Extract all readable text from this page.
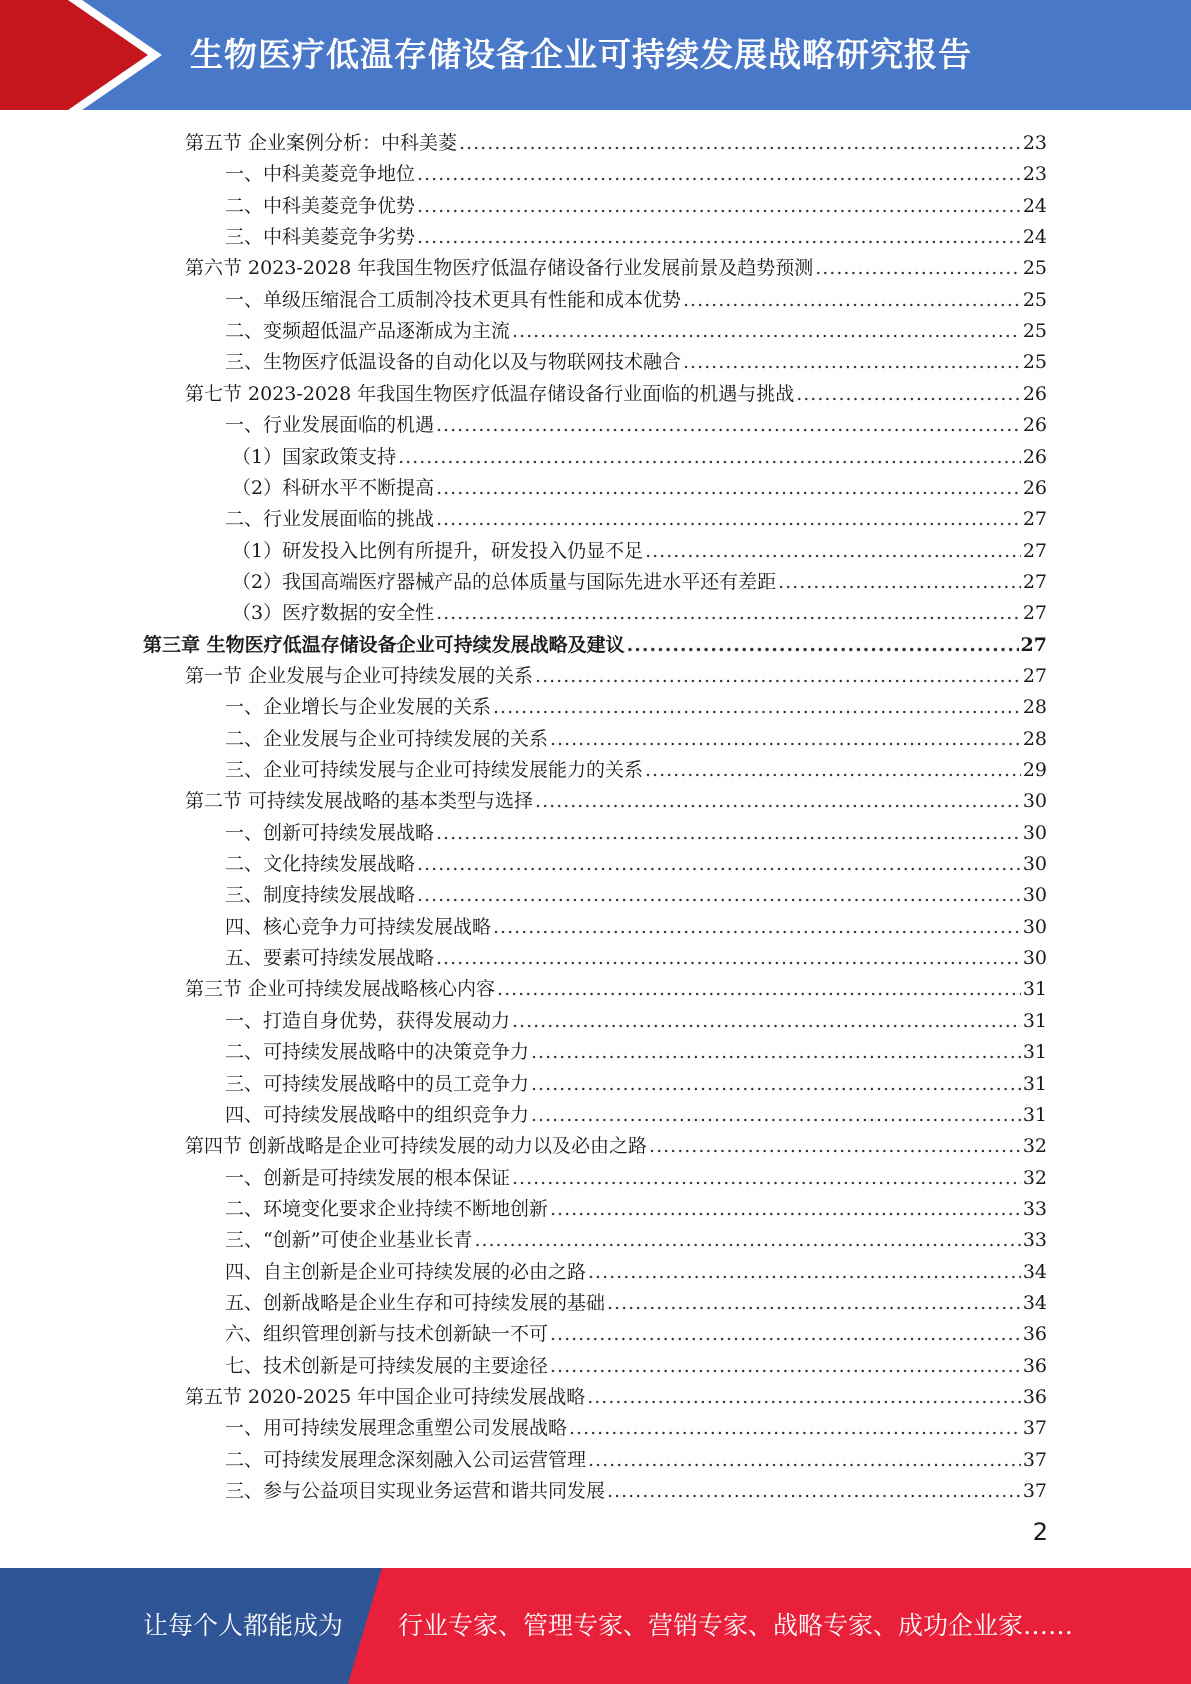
生物医疗低温存储设备企业可持续发展战略研究报告
第五节 企业案例分析：中科美菱 .....	23
一、中科美菱竞争地位 .....	23
二、中科美菱竞争优势 .....	24
三、中科美菱竞争劣势 .....	24
第六节 2023-2028 年我国生物医疗低温存储设备行业发展前景及趋势预测 .....	25
一、单级压缩混合工质制冷技术更具有性能和成本优势 .....	25
二、变频超低温产品逐渐成为主流 .....	25
三、生物医疗低温设备的自动化以及与物联网技术融合 .....	25
第七节 2023-2028 年我国生物医疗低温存储设备行业面临的机遇与挑战 .....	26
一、行业发展面临的机遇 .....	26
（1）国家政策支持 .....	26
（2）科研水平不断提高 .....	26
二、行业发展面临的挑战 .....	27
（1）研发投入比例有所提升，研发投入仍显不足 .....	27
（2）我国高端医疗器械产品的总体质量与国际先进水平还有差距 .....	27
（3）医疗数据的安全性 .....	27
第三章 生物医疗低温存储设备企业可持续发展战略及建议 .....	27
第一节 企业发展与企业可持续发展的关系 .....	27
一、企业增长与企业发展的关系 .....	28
二、企业发展与企业可持续发展的关系 .....	28
三、企业可持续发展与企业可持续发展能力的关系 .....	29
第二节 可持续发展战略的基本类型与选择 .....	30
一、创新可持续发展战略 .....	30
二、文化持续发展战略 .....	30
三、制度持续发展战略 .....	30
四、核心竞争力可持续发展战略 .....	30
五、要素可持续发展战略 .....	30
第三节 企业可持续发展战略核心内容 .....	31
一、打造自身优势，获得发展动力 .....	31
二、可持续发展战略中的决策竞争力 .....	31
三、可持续发展战略中的员工竞争力 .....	31
四、可持续发展战略中的组织竞争力 .....	31
第四节 创新战略是企业可持续发展的动力以及必由之路 .....	32
一、创新是可持续发展的根本保证 .....	32
二、环境变化要求企业持续不断地创新 .....	33
三、“创新”可使企业基业长青 .....	33
四、自主创新是企业可持续发展的必由之路 .....	34
五、创新战略是企业生存和可持续发展的基础 .....	34
六、组织管理创新与技术创新缺一不可 .....	36
七、技术创新是可持续发展的主要途径 .....	36
第五节 2020-2025 年中国企业可持续发展战略 .....	36
一、用可持续发展理念重塑公司发展战略 .....	37
二、可持续发展理念深刻融入公司运营管理 .....	37
三、参与公益项目实现业务运营和谐共同发展 .....	37
2
让每个人都能成为 行业专家、管理专家、营销专家、战略专家、成功企业家……
